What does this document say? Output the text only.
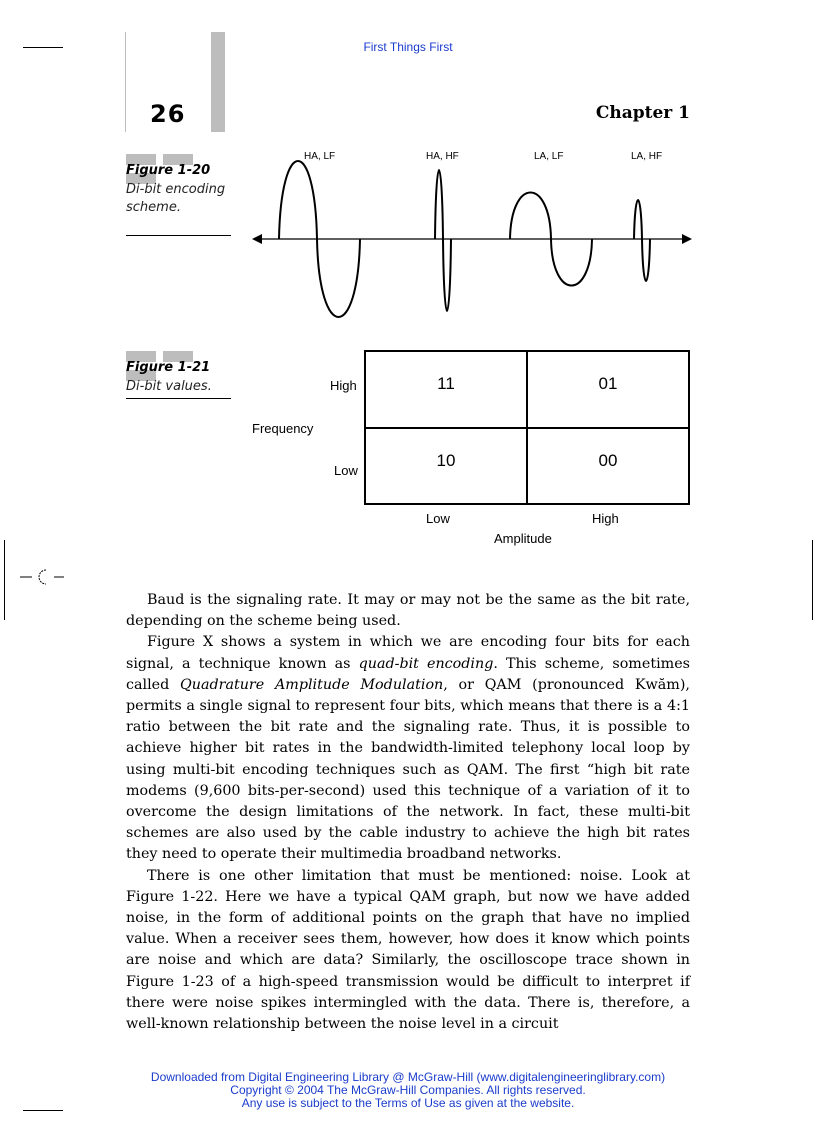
First Things First
26	Chapter 1
Figure 1-20
Di-bit encoding
scheme.
HA, LF	HA, HF	LA, LF	LA, HF
Figure 1-21
Di-bit values.	High
Low
Frequency
11	01
10	00
Low	High
Amplitude

Baud is the signaling rate. It may or may not be the same as the bit rate, depending on the scheme being used.

Figure X shows a system in which we are encoding four bits for each signal, a technique known as quad-bit encoding. This scheme, sometimes called Quadrature Amplitude Modulation, or QAM (pronounced Kwăm), permits a single signal to represent four bits, which means that there is a 4:1 ratio between the bit rate and the signaling rate. Thus, it is possible to achieve higher bit rates in the bandwidth-limited telephony local loop by using multi-bit encoding techniques such as QAM. The first “high bit rate modems (9,600 bits-per-second) used this technique of a variation of it to overcome the design limitations of the network. In fact, these multi-bit schemes are also used by the cable industry to achieve the high bit rates they need to operate their multimedia broadband networks.

There is one other limitation that must be mentioned: noise. Look at Figure 1-22. Here we have a typical QAM graph, but now we have added noise, in the form of additional points on the graph that have no implied value. When a receiver sees them, however, how does it know which points are noise and which are data? Similarly, the oscilloscope trace shown in Figure 1-23 of a high-speed transmission would be difficult to interpret if there were noise spikes intermingled with the data. There is, therefore, a well-known relationship between the noise level in a circuit

Downloaded from Digital Engineering Library @ McGraw-Hill (www.digitalengineeringlibrary.com)
Copyright © 2004 The McGraw-Hill Companies. All rights reserved.
Any use is subject to the Terms of Use as given at the website.
